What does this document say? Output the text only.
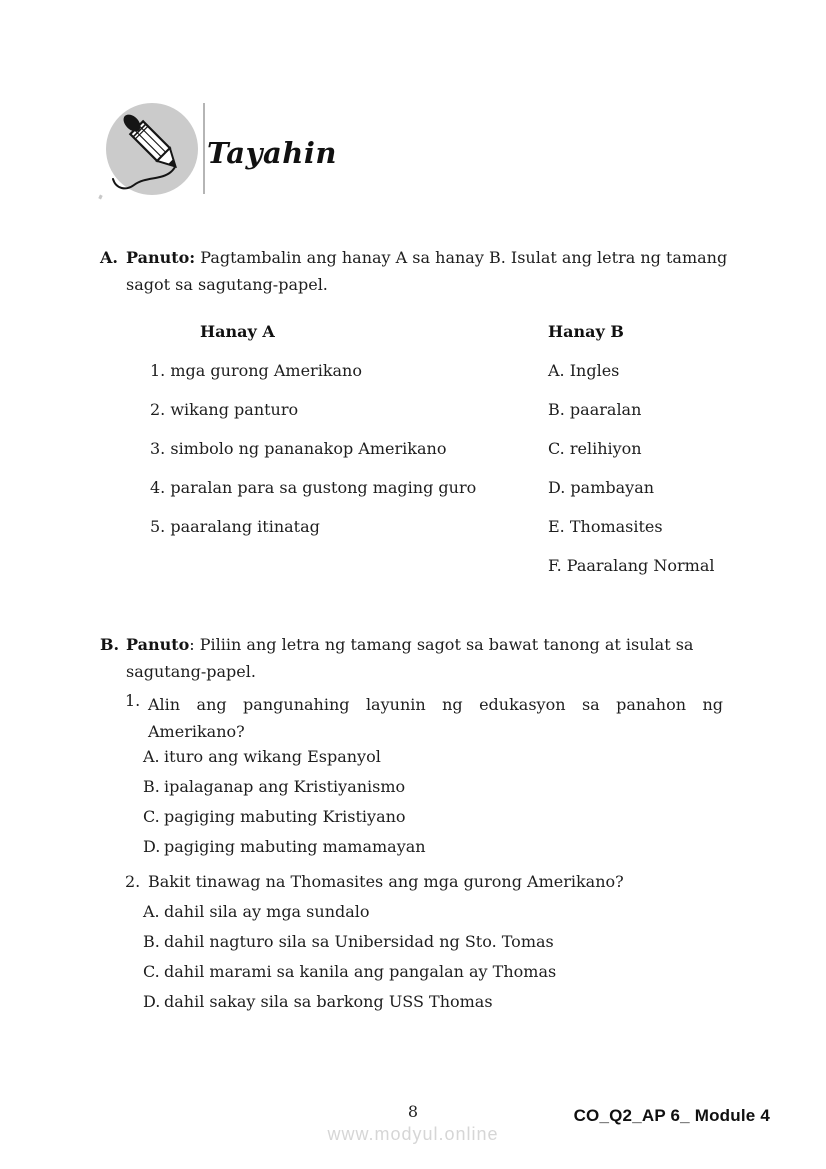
Tayahin
A. Panuto: Pagtambalin ang hanay A sa hanay B. Isulat ang letra ng tamang
sagot sa sagutang-papel.
Hanay A
1. mga gurong Amerikano
2. wikang panturo
3. simbolo ng pananakop Amerikano
4. paralan para sa gustong maging guro
5. paaralang itinatag
Hanay B
A. Ingles
B. paaralan
C. relihiyon
D. pambayan
E. Thomasites
F. Paaralang Normal
B. Panuto: Piliin ang letra ng tamang sagot sa bawat tanong at isulat sa
sagutang-papel.
1. Alin ang pangunahing layunin ng edukasyon sa panahon ng
Amerikano?
A. ituro ang wikang Espanyol
B. ipalaganap ang Kristiyanismo
C. pagiging mabuting Kristiyano
D. pagiging mabuting mamamayan
2. Bakit tinawag na Thomasites ang mga gurong Amerikano?
A. dahil sila ay mga sundalo
B. dahil nagturo sila sa Unibersidad ng Sto. Tomas
C. dahil marami sa kanila ang pangalan ay Thomas
D. dahil sakay sila sa barkong USS Thomas
8	CO_Q2_AP 6_ Module 4
www.modyul.online
